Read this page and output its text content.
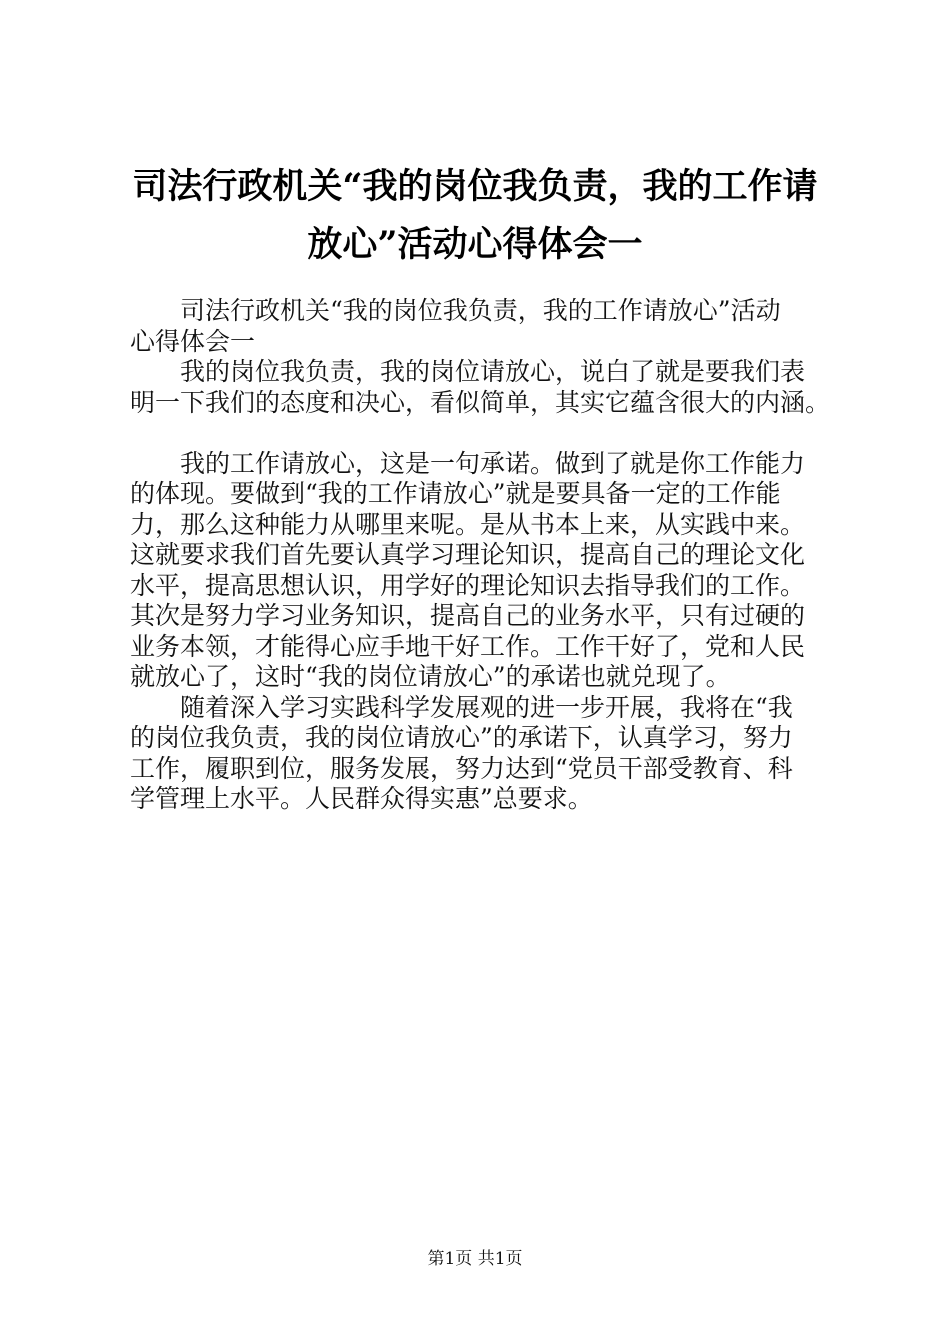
司法行政机关“我的岗位我负责，我的工作请
放心”活动心得体会一
司法行政机关“我的岗位我负责，我的工作请放心”活动
心得体会一
我的岗位我负责，我的岗位请放心，说白了就是要我们表
明一下我们的态度和决心，看似简单，其实它蕴含很大的内涵。
我的工作请放心，这是一句承诺。做到了就是你工作能力
的体现。要做到“我的工作请放心”就是要具备一定的工作能
力，那么这种能力从哪里来呢。是从书本上来，从实践中来。
这就要求我们首先要认真学习理论知识，提高自己的理论文化
水平，提高思想认识，用学好的理论知识去指导我们的工作。
其次是努力学习业务知识，提高自己的业务水平，只有过硬的
业务本领，才能得心应手地干好工作。工作干好了，党和人民
就放心了，这时“我的岗位请放心”的承诺也就兑现了。
随着深入学习实践科学发展观的进一步开展，我将在“我
的岗位我负责，我的岗位请放心”的承诺下，认真学习，努力
工作，履职到位，服务发展，努力达到“党员干部受教育、科
学管理上水平。人民群众得实惠”总要求。
第1页 共1页
